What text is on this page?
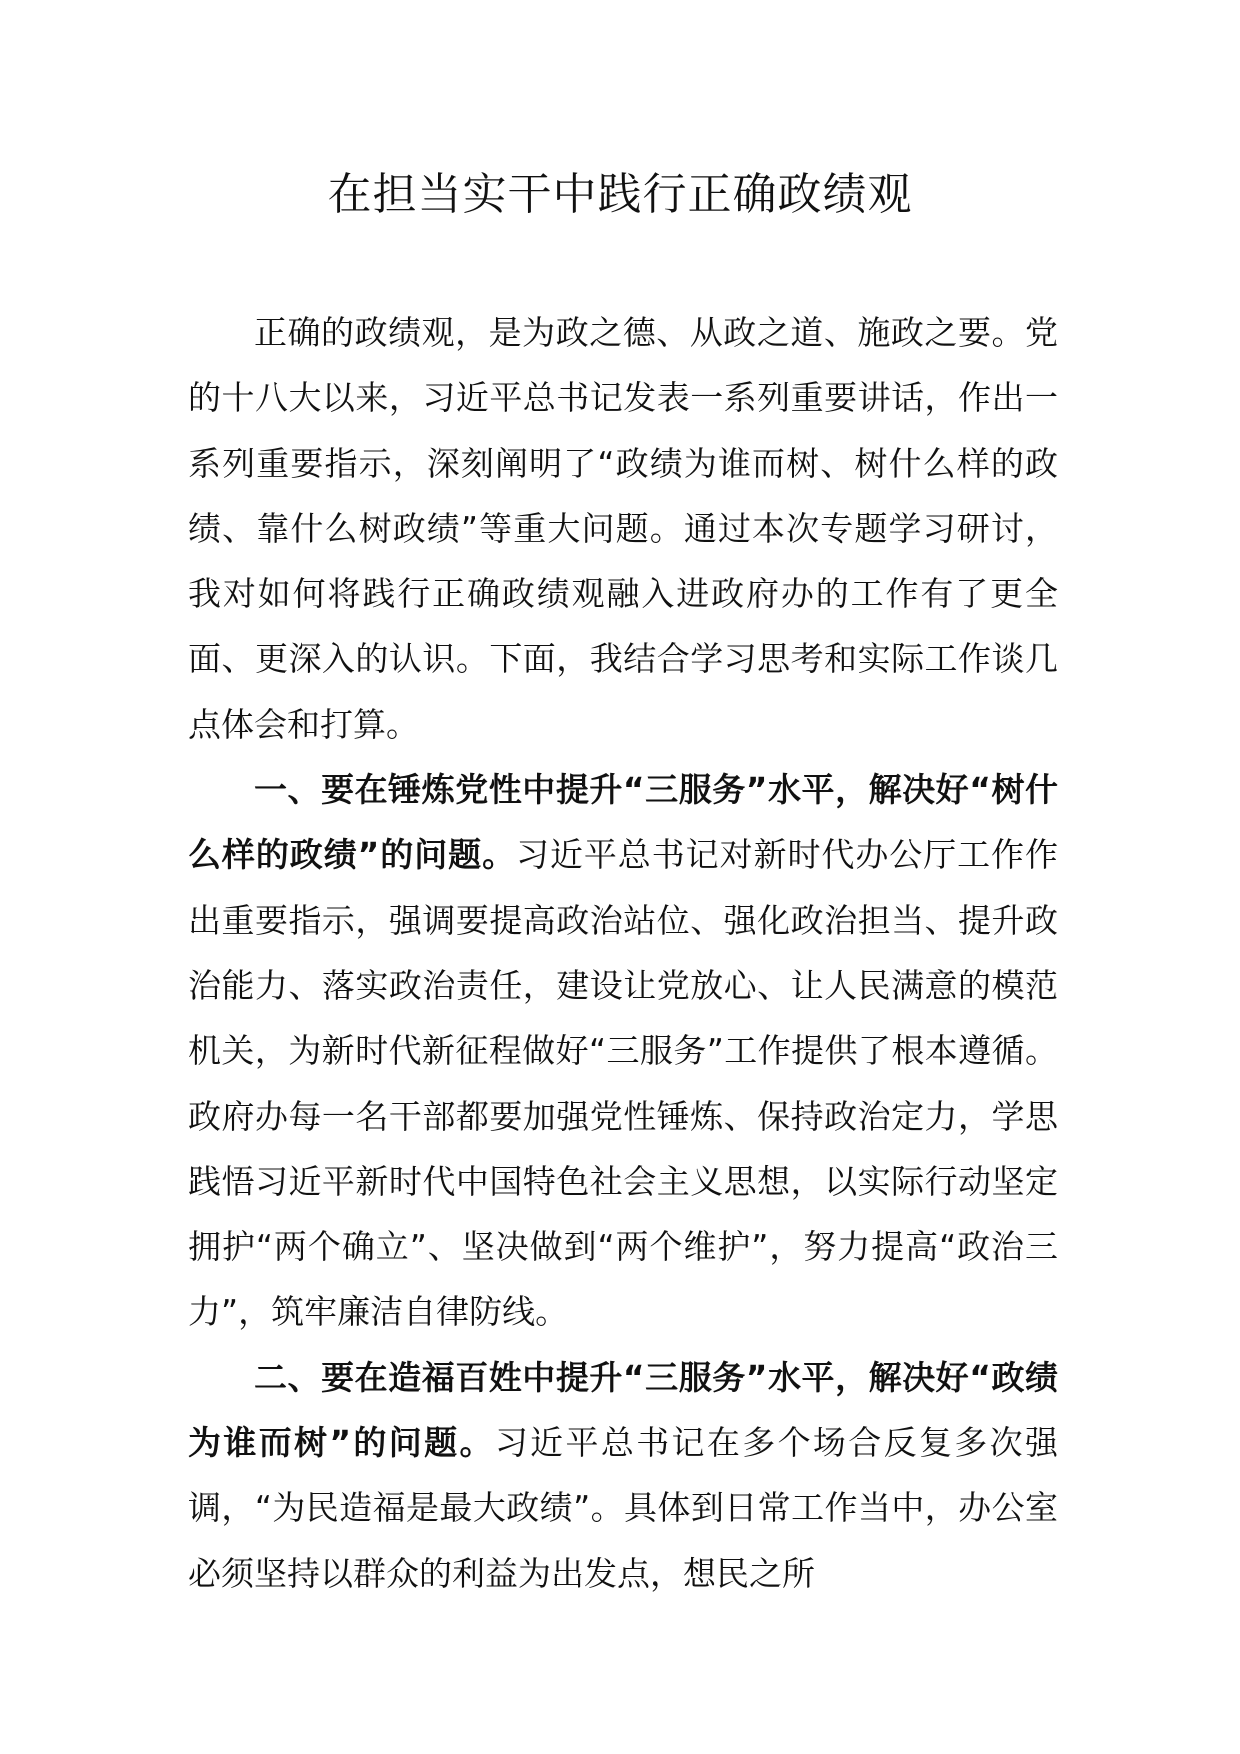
在担当实干中践行正确政绩观

正确的政绩观，是为政之德、从政之道、施政之要。党的十八大以来，习近平总书记发表一系列重要讲话，作出一系列重要指示，深刻阐明了“政绩为谁而树、树什么样的政绩、靠什么树政绩”等重大问题。通过本次专题学习研讨，我对如何将践行正确政绩观融入进政府办的工作有了更全面、更深入的认识。下面，我结合学习思考和实际工作谈几点体会和打算。

一、要在锤炼党性中提升“三服务”水平，解决好“树什么样的政绩”的问题。习近平总书记对新时代办公厅工作作出重要指示，强调要提高政治站位、强化政治担当、提升政治能力、落实政治责任，建设让党放心、让人民满意的模范机关，为新时代新征程做好“三服务”工作提供了根本遵循。政府办每一名干部都要加强党性锤炼、保持政治定力，学思践悟习近平新时代中国特色社会主义思想，以实际行动坚定拥护“两个确立”、坚决做到“两个维护”，努力提高“政治三力”，筑牢廉洁自律防线。

二、要在造福百姓中提升“三服务”水平，解决好“政绩为谁而树”的问题。习近平总书记在多个场合反复多次强调，“为民造福是最大政绩”。具体到日常工作当中，办公室必须坚持以群众的利益为出发点，想民之所
